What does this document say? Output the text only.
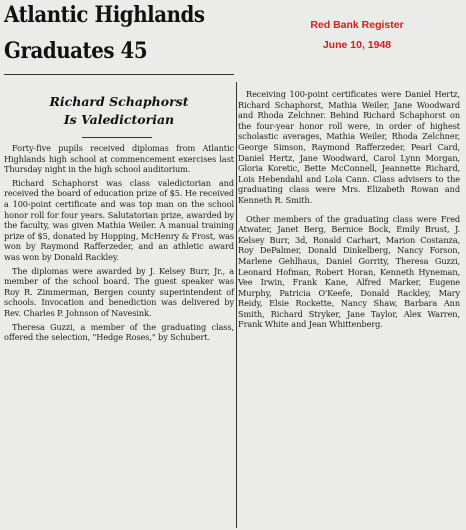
Atlantic Highlands
Graduates 45
Red Bank Register
June 10, 1948
Richard Schaphorst
Is Valedictorian

Forty-five pupils received diplomas from Atlantic Highlands high school at commencement exercises last Thursday night in the high school auditorium.

Richard Schaphorst was class valedictorian and received the board of education prize of $5. He received a 100-point certificate and was top man on the school honor roll for four years. Salutatorian prize, awarded by the faculty, was given Mathia Weiler. A manual training prize of $5, donated by Hopping, McHenry & Frost, was won by Raymond Rafferzeder, and an athletic award was won by Donald Rackley.

The diplomas were awarded by J. Kelsey Burr, Jr., a member of the school board. The guest speaker was Roy R. Zimmerman, Bergen county superintendent of schools. Invocation and benediction was delivered by Rev. Charles P. Johnson of Navesink.

Theresa Guzzi, a member of the graduating class, offered the selection, "Hedge Roses," by Schubert.

Receiving 100-point certificates were Daniel Hertz, Richard Schaphorst, Mathia Weiler, Jane Woodward and Rhoda Zelchner. Behind Richard Schaphorst on the four-year honor roll were, in order of highest scholastic averages, Mathia Weiler, Rhoda Zelchner, George Simson, Raymond Rafferzeder, Pearl Card, Daniel Hertz, Jane Woodward, Carol Lynn Morgan, Gloria Koretic, Bette McConnell, Jeannette Richard, Lois Hebendahl and Lola Cann. Class advisers to the graduating class were Mrs. Elizabeth Rowan and Kenneth R. Smith.

Other members of the graduating class were Fred Atwater, Janet Berg, Bernice Bock, Emily Brust, J. Kelsey Burr, 3d, Ronald Carhart, Marion Costanza, Roy DePalmer, Donald Dinkelberg, Nancy Forson, Marlene Gehlhaus, Daniel Gorrity, Theresa Guzzi, Leonard Hofman, Robert Horan, Kenneth Hyneman, Vee Irwin, Frank Kane, Alfred Marker, Eugene Murphy, Patricia O'Keefe, Donald Rackley, Mary Reidy, Elsie Rockette, Nancy Shaw, Barbara Ann Smith, Richard Stryker, Jane Taylor, Alex Warren, Frank White and Jean Whittenberg.
